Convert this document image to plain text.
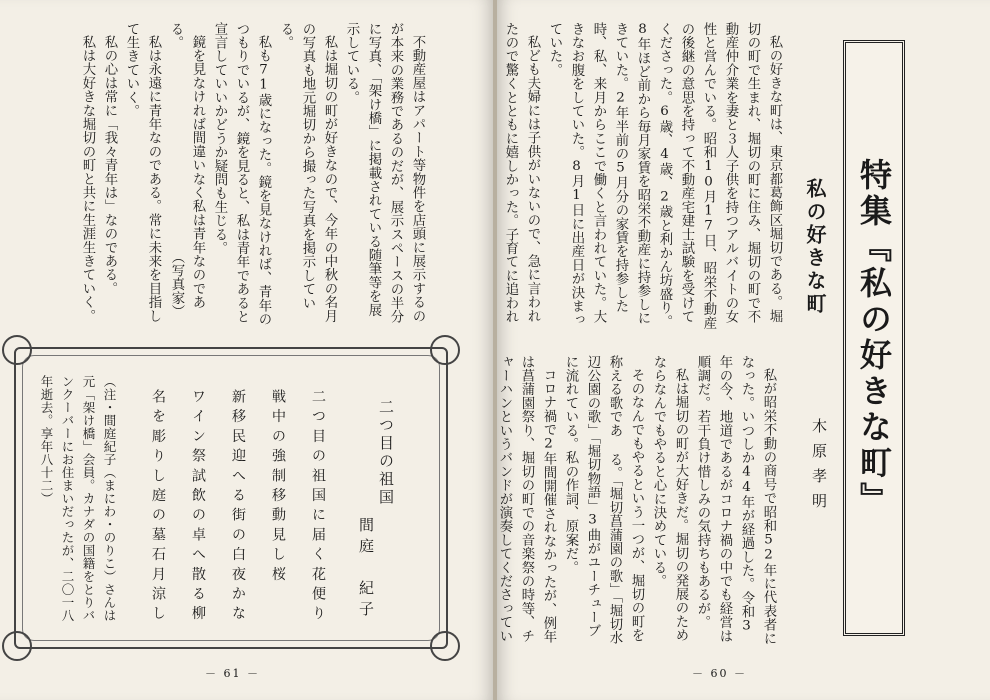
不動産屋はアパート等物件を店頭に展示するのが本来の業務であるのだが、展示スペースの半分に写真、「架け橋」に掲載されている随筆等を展示している。

私は堀切の町が好きなので、今年の中秋の名月の写真も地元堀切から撮った写真を掲示している。

私も71歳になった。鏡を見なければ、青年のつもりでいるが、鏡を見ると、私は青年であると宣言していいかどうか疑問も生じる。

鏡を見なければ間違いなく私は青年なのである。

私は永遠に青年なのである。常に未来を目指して生きていく。

私の心は常に「我々青年は」なのである。

私は大好きな堀切の町と共に生涯生きていく。	（写真家）
二つ目の祖国
間庭　紀子
二つ目の祖国に届く花便り
戦中の強制移動見し桜
新移民迎へる街の白夜かな
ワイン祭試飲の卓へ散る柳
名を彫りし庭の墓石月涼し
（注・間庭紀子（まにわ・のりこ）さんは元「架け橋」会員。カナダの国籍をとりバンクーバーにお住まいだったが、二〇一八年逝去。享年八十二）
－ 61 －

私の好きな町は、東京都葛飾区堀切である。堀切の町で生まれ、堀切の町に住み、堀切の町で不動産仲介業を妻と３人子供を持つアルバイトの女性と営んでいる。昭和10月17日、昭栄不動産の後継の意思を持って不動産宅建士試験を受けてくださった。6歳、4歳、2歳と利かん坊盛り。8年ほど前から毎月家賃を昭栄不動産に持参しにきていた。2年半前の5月分の家賃を持参した時、私、来月からここで働くと言われていた。大きなお腹をしていた。8月1日に出産日が決まっていた。

私ども夫婦には子供がいないので、急に言われたので驚くとともに嬉しかった。子育てに追われ

私が昭栄不動の商号で昭和52年に代表者になった。いつしか44年が経過した。令和3年の今、地道であるがコロナ禍の中でも経営は順調だ。若干負け惜しみの気持ちもあるが。

私は堀切の町が大好きだ。堀切の発展のためならなんでもやると心に決めている。

そのなんでもやるという一つが、堀切の町を称える歌であ る。「堀切菖蒲園の歌」「堀切水辺公園の歌」「堀切物語」3曲がユーチューブに流れている。私の作詞、原案だ。

コロナ禍で2年間開催されなかったが、例年は菖蒲園祭り、堀切の町での音楽祭の時等、チャーハンというバンドが演奏してくださってい

－ 60 －
特集『私の好きな町』
私の好きな町
木原孝明
